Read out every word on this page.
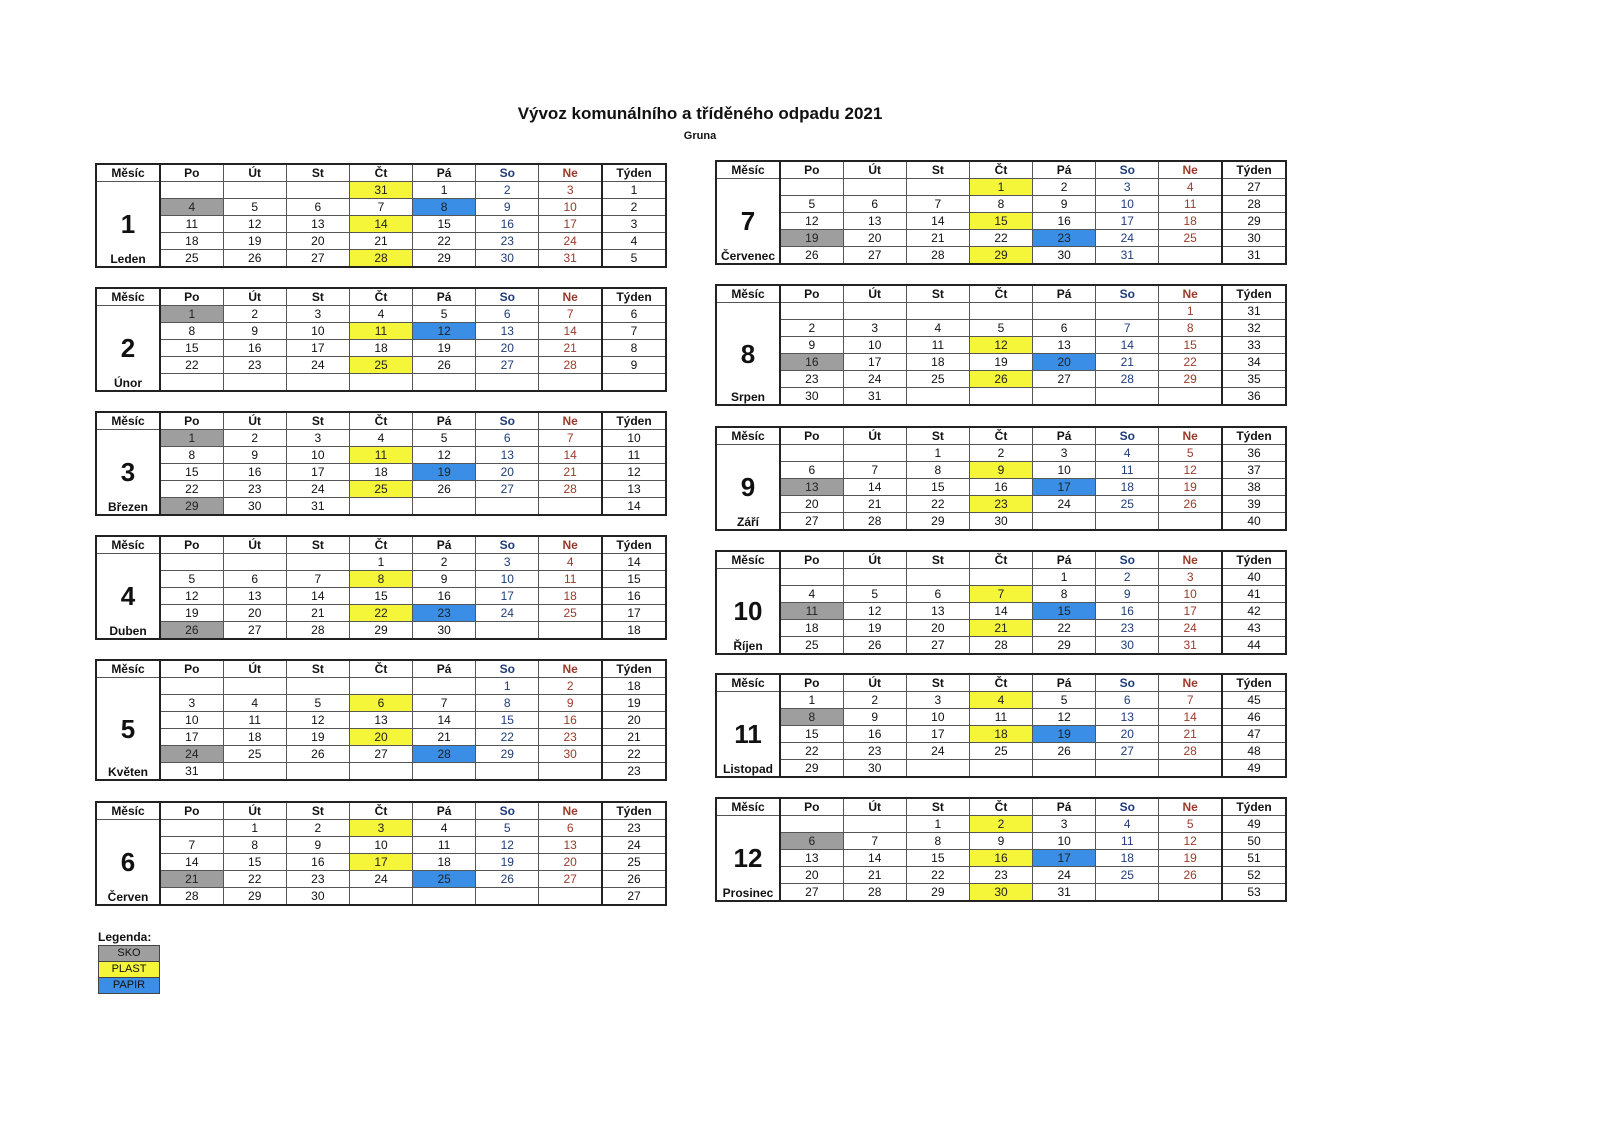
Vývoz komunálního a tříděného odpadu 2021
Gruna
Měsíc	Po	Út	St	Čt	Pá	So	Ne	Týden

1
Leden				31	1	2	3	1
	4	5	6	7	8	9	10	2
	11	12	13	14	15	16	17	3
	18	19	20	21	22	23	24	4
	25	26	27	28	29	30	31	5
Měsíc	Po	Út	St	Čt	Pá	So	Ne	Týden

2
Únor	1	2	3	4	5	6	7	6
	8	9	10	11	12	13	14	7
	15	16	17	18	19	20	21	8
	22	23	24	25	26	27	28	9

Měsíc	Po	Út	St	Čt	Pá	So	Ne	Týden

3
Březen	1	2	3	4	5	6	7	10
	8	9	10	11	12	13	14	11
	15	16	17	18	19	20	21	12
	22	23	24	25	26	27	28	13
	29	30	31					14
Měsíc	Po	Út	St	Čt	Pá	So	Ne	Týden

4
Duben				1	2	3	4	14
	5	6	7	8	9	10	11	15
	12	13	14	15	16	17	18	16
	19	20	21	22	23	24	25	17
	26	27	28	29	30			18
Měsíc	Po	Út	St	Čt	Pá	So	Ne	Týden

5
Květen						1	2	18
	3	4	5	6	7	8	9	19
	10	11	12	13	14	15	16	20
	17	18	19	20	21	22	23	21
	24	25	26	27	28	29	30	22
	31							23
Měsíc	Po	Út	St	Čt	Pá	So	Ne	Týden

6
Červen		1	2	3	4	5	6	23
	7	8	9	10	11	12	13	24
	14	15	16	17	18	19	20	25
	21	22	23	24	25	26	27	26
	28	29	30					27
Měsíc	Po	Út	St	Čt	Pá	So	Ne	Týden

7
Červenec				1	2	3	4	27
	5	6	7	8	9	10	11	28
	12	13	14	15	16	17	18	29
	19	20	21	22	23	24	25	30
	26	27	28	29	30	31		31
Měsíc	Po	Út	St	Čt	Pá	So	Ne	Týden

8
Srpen							1	31
	2	3	4	5	6	7	8	32
	9	10	11	12	13	14	15	33
	16	17	18	19	20	21	22	34
	23	24	25	26	27	28	29	35
	30	31						36
Měsíc	Po	Út	St	Čt	Pá	So	Ne	Týden

9
Září			1	2	3	4	5	36
	6	7	8	9	10	11	12	37
	13	14	15	16	17	18	19	38
	20	21	22	23	24	25	26	39
	27	28	29	30				40
Měsíc	Po	Út	St	Čt	Pá	So	Ne	Týden

10
Říjen					1	2	3	40
	4	5	6	7	8	9	10	41
	11	12	13	14	15	16	17	42
	18	19	20	21	22	23	24	43
	25	26	27	28	29	30	31	44
Měsíc	Po	Út	St	Čt	Pá	So	Ne	Týden

11
Listopad	1	2	3	4	5	6	7	45
	8	9	10	11	12	13	14	46
	15	16	17	18	19	20	21	47
	22	23	24	25	26	27	28	48
	29	30						49
Měsíc	Po	Út	St	Čt	Pá	So	Ne	Týden

12
Prosinec			1	2	3	4	5	49
	6	7	8	9	10	11	12	50
	13	14	15	16	17	18	19	51
	20	21	22	23	24	25	26	52
	27	28	29	30	31			53
Legenda:
SKO
PLAST
PAPIR
